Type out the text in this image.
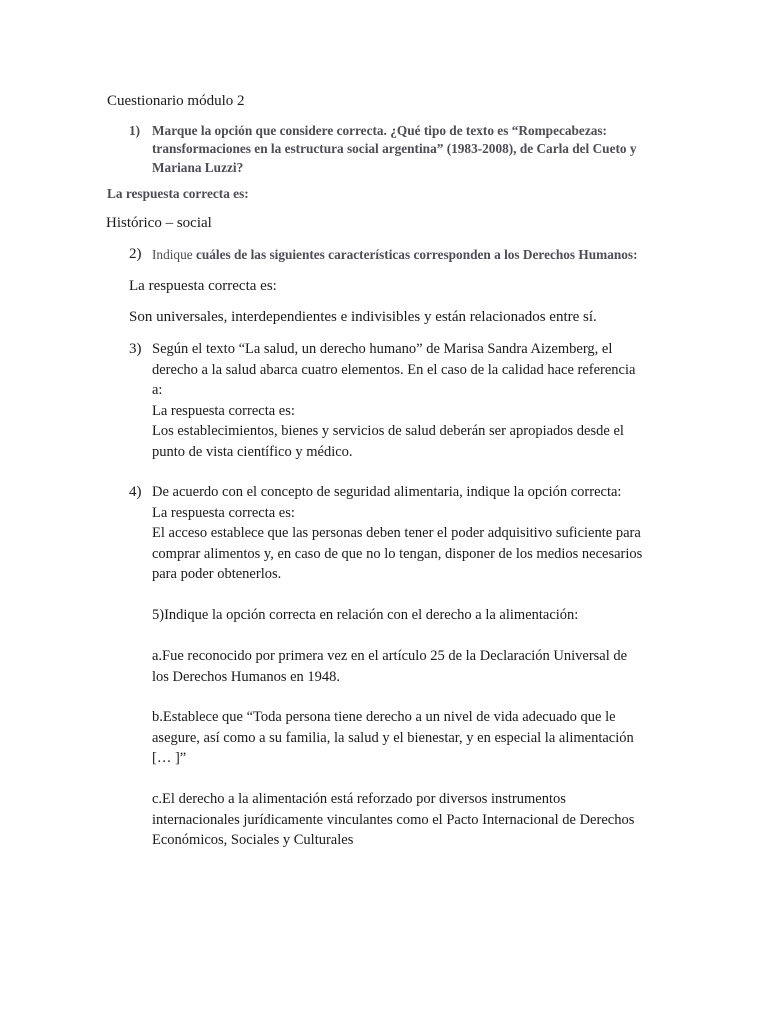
Cuestionario módulo 2
1) Marque la opción que considere correcta. ¿Qué tipo de texto es “Rompecabezas:
transformaciones en la estructura social argentina” (1983-2008), de Carla del Cueto y
Mariana Luzzi?
La respuesta correcta es:
Histórico – social
2) Indique cuáles de las siguientes características corresponden a los Derechos Humanos:
La respuesta correcta es:
Son universales, interdependientes e indivisibles y están relacionados entre sí.
3) Según el texto “La salud, un derecho humano” de Marisa Sandra Aizemberg, el
derecho a la salud abarca cuatro elementos. En el caso de la calidad hace referencia
a:
La respuesta correcta es:
Los establecimientos, bienes y servicios de salud deberán ser apropiados desde el
punto de vista científico y médico.
4) De acuerdo con el concepto de seguridad alimentaria, indique la opción correcta:
La respuesta correcta es:
El acceso establece que las personas deben tener el poder adquisitivo suficiente para
comprar alimentos y, en caso de que no lo tengan, disponer de los medios necesarios
para poder obtenerlos.
5)Indique la opción correcta en relación con el derecho a la alimentación:
a.Fue reconocido por primera vez en el artículo 25 de la Declaración Universal de
los Derechos Humanos en 1948.
b.Establece que “Toda persona tiene derecho a un nivel de vida adecuado que le
asegure, así como a su familia, la salud y el bienestar, y en especial la alimentación
[… ]”
c.El derecho a la alimentación está reforzado por diversos instrumentos
internacionales jurídicamente vinculantes como el Pacto Internacional de Derechos
Económicos, Sociales y Culturales
